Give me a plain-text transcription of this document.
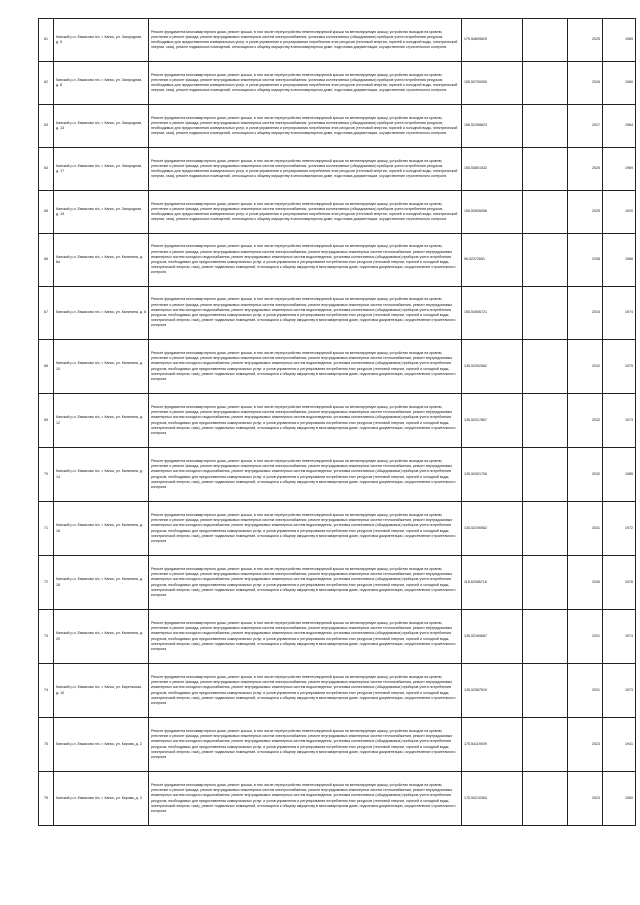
61	Канский р-н, Емкасово п/с, г. Канск, ул. Загородная, д. 5	Ремонт фундамента многоквартирного дома, ремонт крыши, в том числе переустройство невентилируемой крыши на вентилируемую крышу, устройство выходов на кровлю, утепление и ремонт фасада, ремонт внутридомовых инженерных систем электроснабжения, установка коллективных (общедомовых) приборов учета потребления ресурсов, необходимых для предоставления коммунальных услуг, и узлов управления и регулирования потребления этих ресурсов (тепловой энергии, горячей и холодной воды, электрической энергии, газа), ремонт подвальных помещений, относящихся к общему имуществу в многоквартирном доме, подготовка документации, осуществление строительного контроля	179,54609825		2025	1965
62	Канский р-н, Емкасово п/с, г. Канск, ул. Загородная, д. 8	Ремонт фундамента многоквартирного дома, ремонт крыши, в том числе переустройство невентилируемой крыши на вентилируемую крышу, устройство выходов на кровлю, утепление и ремонт фасада, ремонт внутридомовых инженерных систем электроснабжения, установка коллективных (общедомовых) приборов учета потребления ресурсов, необходимых для предоставления коммунальных услуг, и узлов управления и регулирования потребления этих ресурсов (тепловой энергии, горячей и холодной воды, электрической энергии, газа), ремонт подвальных помещений, относящихся к общему имуществу в многоквартирном доме, подготовка документации, осуществление строительного контроля	155,50700055		2026	1960
63	Канский р-н, Емкасово п/с, г. Канск, ул. Загородная, д. 13	Ремонт фундамента многоквартирного дома, ремонт крыши, в том числе переустройство невентилируемой крыши на вентилируемую крышу, устройство выходов на кровлю, утепление и ремонт фасада, ремонт внутридомовых инженерных систем электроснабжения, установка коллективных (общедомовых) приборов учета потребления ресурсов, необходимых для предоставления коммунальных услуг, и узлов управления и регулирования потребления этих ресурсов (тепловой энергии, горячей и холодной воды, электрической энергии, газа), ремонт подвальных помещений, относящихся к общему имуществу в многоквартирном доме, подготовка документации, осуществление строительного контроля	158,52398623		2027	1964
64	Канский р-н, Емкасово п/с, г. Канск, ул. Загородная, д. 17	Ремонт фундамента многоквартирного дома, ремонт крыши, в том числе переустройство невентилируемой крыши на вентилируемую крышу, устройство выходов на кровлю, утепление и ремонт фасада, ремонт внутридомовых инженерных систем электроснабжения, установка коллективных (общедомовых) приборов учета потребления ресурсов, необходимых для предоставления коммунальных услуг, и узлов управления и регулирования потребления этих ресурсов (тепловой энергии, горячей и холодной воды, электрической энергии, газа), ремонт подвальных помещений, относящихся к общему имуществу в многоквартирном доме, подготовка документации, осуществление строительного контроля	155,53801532		2026	1969
65	Канский р-н, Емкасово п/с, г. Канск, ул. Загородная, д. 19	Ремонт фундамента многоквартирного дома, ремонт крыши, в том числе переустройство невентилируемой крыши на вентилируемую крышу, устройство выходов на кровлю, утепление и ремонт фасада, ремонт внутридомовых инженерных систем электроснабжения, установка коллективных (общедомовых) приборов учета потребления ресурсов, необходимых для предоставления коммунальных услуг, и узлов управления и регулирования потребления этих ресурсов (тепловой энергии, горячей и холодной воды, электрической энергии, газа), ремонт подвальных помещений, относящихся к общему имуществу в многоквартирном доме, подготовка документации, осуществление строительного контроля	155,53926056		2025	1920
66	Канский р-н, Емкасово п/с, г. Канск, ул. Калинина, д. 6а	Ремонт фундамента многоквартирного дома, ремонт крыши, в том числе переустройство невентилируемой крыши на вентилируемую крышу, устройство выходов на кровлю, утепление и ремонт фасада, ремонт внутридомовых инженерных систем электроснабжения, ремонт внутридомовых инженерных систем теплоснабжения, ремонт внутридомовых инженерных систем холодного водоснабжения, ремонт внутридомовых инженерных систем водоотведения, установка коллективных (общедомовых) приборов учета потребления ресурсов, необходимых для предоставления коммунальных услуг, и узлов управления и регулирования потребления этих ресурсов (тепловой энергии, горячей и холодной воды, электрической энергии, газа), ремонт подвальных помещений, относящихся к общему имуществу в многоквартирном доме, подготовка документации, осуществление строительного контроля	96,52372651		2038	1968
67	Канский р-н, Емкасово п/с, г. Канск, ул. Калинина, д. 8	Ремонт фундамента многоквартирного дома, ремонт крыши, в том числе переустройство невентилируемой крыши на вентилируемую крышу, устройство выходов на кровлю, утепление и ремонт фасада, ремонт внутридомовых инженерных систем электроснабжения, ремонт внутридомовых инженерных систем теплоснабжения, ремонт внутридомовых инженерных систем холодного водоснабжения, ремонт внутридомовых инженерных систем водоотведения, установка коллективных (общедомовых) приборов учета потребления ресурсов, необходимых для предоставления коммунальных услуг, и узлов управления и регулирования потребления этих ресурсов (тепловой энергии, горячей и холодной воды, электрической энергии, газа), ремонт подвальных помещений, относящихся к общему имуществу в многоквартирном доме, подготовка документации, осуществление строительного контроля	155,54506721		2034	1974
68	Канский р-н, Емкасово п/с, г. Канск, ул. Калинина, д. 10	Ремонт фундамента многоквартирного дома, ремонт крыши, в том числе переустройство невентилируемой крыши на вентилируемую крышу, устройство выходов на кровлю, утепление и ремонт фасада, ремонт внутридомовых инженерных систем электроснабжения, ремонт внутридомовых инженерных систем теплоснабжения, ремонт внутридомовых инженерных систем холодного водоснабжения, ремонт внутридомовых инженерных систем водоотведения, установка коллективных (общедомовых) приборов учета потребления ресурсов, необходимых для предоставления коммунальных услуг, и узлов управления и регулирования потребления этих ресурсов (тепловой энергии, горячей и холодной воды, электрической энергии, газа), ремонт подвальных помещений, относящихся к общему имуществу в многоквартирном доме, подготовка документации, осуществление строительного контроля	135,52092562		2032	1975
69	Канский р-н, Емкасово п/с, г. Канск, ул. Калинина, д. 12	Ремонт фундамента многоквартирного дома, ремонт крыши, в том числе переустройство невентилируемой крыши на вентилируемую крышу, устройство выходов на кровлю, утепление и ремонт фасада, ремонт внутридомовых инженерных систем электроснабжения, ремонт внутридомовых инженерных систем теплоснабжения, ремонт внутридомовых инженерных систем холодного водоснабжения, ремонт внутридомовых инженерных систем водоотведения, установка коллективных (общедомовых) приборов учета потребления ресурсов, необходимых для предоставления коммунальных услуг, и узлов управления и регулирования потребления этих ресурсов (тепловой энергии, горячей и холодной воды, электрической энергии, газа), ремонт подвальных помещений, относящихся к общему имуществу в многоквартирном доме, подготовка документации, осуществление строительного контроля	135,52017867		2032	1973
70	Канский р-н, Емкасово п/с, г. Канск, ул. Калинина, д. 14	Ремонт фундамента многоквартирного дома, ремонт крыши, в том числе переустройство невентилируемой крыши на вентилируемую крышу, устройство выходов на кровлю, утепление и ремонт фасада, ремонт внутридомовых инженерных систем электроснабжения, ремонт внутридомовых инженерных систем теплоснабжения, ремонт внутридомовых инженерных систем холодного водоснабжения, ремонт внутридомовых инженерных систем водоотведения, установка коллективных (общедомовых) приборов учета потребления ресурсов, необходимых для предоставления коммунальных услуг, и узлов управления и регулирования потребления этих ресурсов (тепловой энергии, горячей и холодной воды, электрической энергии, газа), ремонт подвальных помещений, относящихся к общему имуществу в многоквартирном доме, подготовка документации, осуществление строительного контроля	135,50301706		2032	1985
71	Канский р-н, Емкасово п/с, г. Канск, ул. Калинина, д. 16	Ремонт фундамента многоквартирного дома, ремонт крыши, в том числе переустройство невентилируемой крыши на вентилируемую крышу, устройство выходов на кровлю, утепление и ремонт фасада, ремонт внутридомовых инженерных систем электроснабжения, ремонт внутридомовых инженерных систем теплоснабжения, ремонт внутридомовых инженерных систем холодного водоснабжения, ремонт внутридомовых инженерных систем водоотведения, установка коллективных (общедомовых) приборов учета потребления ресурсов, необходимых для предоставления коммунальных услуг, и узлов управления и регулирования потребления этих ресурсов (тепловой энергии, горячей и холодной воды, электрической энергии, газа), ремонт подвальных помещений, относящихся к общему имуществу в многоквартирном доме, подготовка документации, осуществление строительного контроля	135,52190562		2031	1972
72	Канский р-н, Емкасово п/с, г. Канск, ул. Калинина, д. 18	Ремонт фундамента многоквартирного дома, ремонт крыши, в том числе переустройство невентилируемой крыши на вентилируемую крышу, устройство выходов на кровлю, утепление и ремонт фасада, ремонт внутридомовых инженерных систем электроснабжения, ремонт внутридомовых инженерных систем теплоснабжения, ремонт внутридомовых инженерных систем холодного водоснабжения, ремонт внутридомовых инженерных систем водоотведения, установка коллективных (общедомовых) приборов учета потребления ресурсов, необходимых для предоставления коммунальных услуг, и узлов управления и регулирования потребления этих ресурсов (тепловой энергии, горячей и холодной воды, электрической энергии, газа), ремонт подвальных помещений, относящихся к общему имуществу в многоквартирном доме, подготовка документации, осуществление строительного контроля	118,52085716		2030	1976
73	Канский р-н, Емкасово п/с, г. Канск, ул. Калинина, д. 20	Ремонт фундамента многоквартирного дома, ремонт крыши, в том числе переустройство невентилируемой крыши на вентилируемую крышу, устройство выходов на кровлю, утепление и ремонт фасада, ремонт внутридомовых инженерных систем электроснабжения, ремонт внутридомовых инженерных систем теплоснабжения, ремонт внутридомовых инженерных систем холодного водоснабжения, ремонт внутридомовых инженерных систем водоотведения, установка коллективных (общедомовых) приборов учета потребления ресурсов, необходимых для предоставления коммунальных услуг, и узлов управления и регулирования потребления этих ресурсов (тепловой энергии, горячей и холодной воды, электрической энергии, газа), ремонт подвальных помещений, относящихся к общему имуществу в многоквартирном доме, подготовка документации, осуществление строительного контроля	135,52169687		2031	1974
74	Канский р-н, Емкасово п/с, г. Канск, ул. Карельская, д. 10	Ремонт фундамента многоквартирного дома, ремонт крыши, в том числе переустройство невентилируемой крыши на вентилируемую крышу, устройство выходов на кровлю, утепление и ремонт фасада, ремонт внутридомовых инженерных систем электроснабжения, ремонт внутридомовых инженерных систем теплоснабжения, ремонт внутридомовых инженерных систем холодного водоснабжения, ремонт внутридомовых инженерных систем водоотведения, установка коллективных (общедомовых) приборов учета потребления ресурсов, необходимых для предоставления коммунальных услуг, и узлов управления и регулирования потребления этих ресурсов (тепловой энергии, горячей и холодной воды, электрической энергии, газа), ремонт подвальных помещений, относящихся к общему имуществу в многоквартирном доме, подготовка документации, осуществление строительного контроля	135,52587519		2031	1973
75	Канский р-н, Емкасово п/с, г. Канск, ул. Кирова, д. 2	Ремонт фундамента многоквартирного дома, ремонт крыши, в том числе переустройство невентилируемой крыши на вентилируемую крышу, устройство выходов на кровлю, утепление и ремонт фасада, ремонт внутридомовых инженерных систем электроснабжения, ремонт внутридомовых инженерных систем теплоснабжения, ремонт внутридомовых инженерных систем холодного водоснабжения, ремонт внутридомовых инженерных систем водоотведения, установка коллективных (общедомовых) приборов учета потребления ресурсов, необходимых для предоставления коммунальных услуг, и узлов управления и регулирования потребления этих ресурсов (тепловой энергии, горячей и холодной воды, электрической энергии, газа), ремонт подвальных помещений, относящихся к общему имуществу в многоквартирном доме, подготовка документации, осуществление строительного контроля	175,54119009		2023	1941
76	Канский р-н, Емкасово п/с, г. Канск, ул. Кирова, д. 3	Ремонт фундамента многоквартирного дома, ремонт крыши, в том числе переустройство невентилируемой крыши на вентилируемую крышу, устройство выходов на кровлю, утепление и ремонт фасада, ремонт внутридомовых инженерных систем электроснабжения, ремонт внутридомовых инженерных систем теплоснабжения, ремонт внутридомовых инженерных систем холодного водоснабжения, ремонт внутридомовых инженерных систем водоотведения, установка коллективных (общедомовых) приборов учета потребления ресурсов, необходимых для предоставления коммунальных услуг, и узлов управления и регулирования потребления этих ресурсов (тепловой энергии, горячей и холодной воды, электрической энергии, газа), ремонт подвальных помещений, относящихся к общему имуществу в многоквартирном доме, подготовка документации, осуществление строительного контроля	175,54210364		2023	1950
